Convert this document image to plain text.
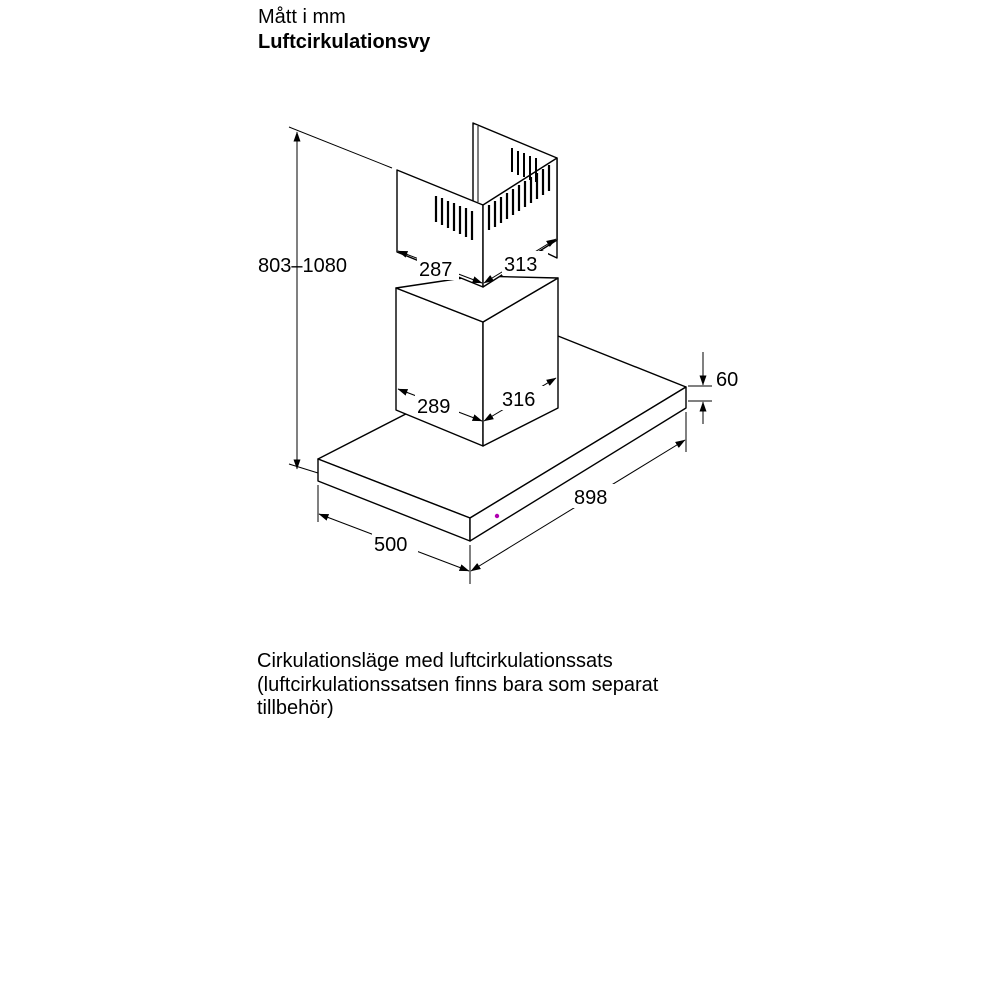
Mått i mm
Luftcirkulationsvy
803–1080	287	313
289	316
60
898
500
Cirkulationsläge med luftcirkulationssats
(luftcirkulationssatsen finns bara som separat
tillbehör)
